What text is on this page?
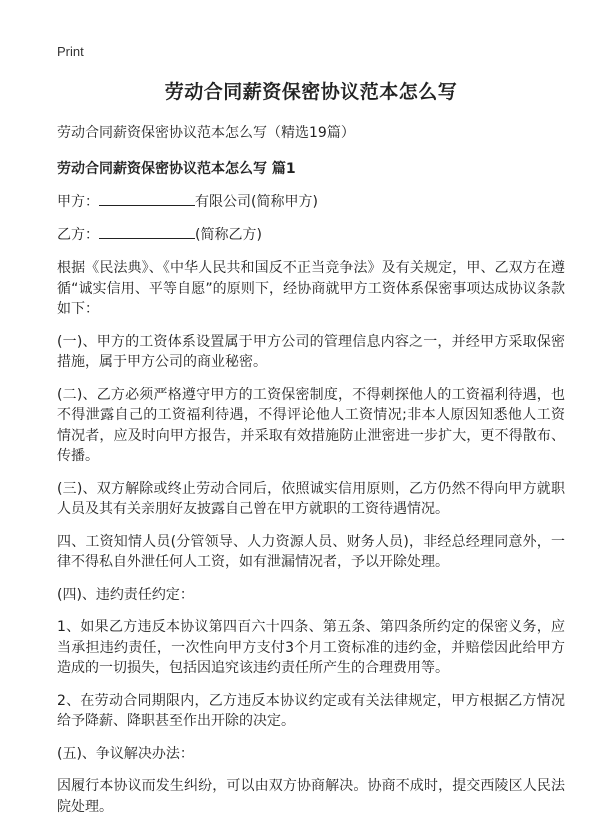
Print
劳动合同薪资保密协议范本怎么写
劳动合同薪资保密协议范本怎么写（精选19篇）
劳动合同薪资保密协议范本怎么写 篇1

甲方：	有限公司(简称甲方)

乙方：	(简称乙方)

根据《民法典》、《中华人民共和国反不正当竞争法》及有关规定，甲、乙双方在遵循“诚实信用、平等自愿”的原则下，经协商就甲方工资体系保密事项达成协议条款如下：

(一)、甲方的工资体系设置属于甲方公司的管理信息内容之一，并经甲方采取保密措施，属于甲方公司的商业秘密。

(二)、乙方必须严格遵守甲方的工资保密制度，不得刺探他人的工资福利待遇，也不得泄露自己的工资福利待遇，不得评论他人工资情况;非本人原因知悉他人工资情况者，应及时向甲方报告，并采取有效措施防止泄密进一步扩大，更不得散布、传播。

(三)、双方解除或终止劳动合同后，依照诚实信用原则，乙方仍然不得向甲方就职人员及其有关亲朋好友披露自己曾在甲方就职的工资待遇情况。

四、工资知情人员(分管领导、人力资源人员、财务人员)，非经总经理同意外，一律不得私自外泄任何人工资，如有泄漏情况者，予以开除处理。

(四)、违约责任约定：

1、如果乙方违反本协议第四百六十四条、第五条、第四条所约定的保密义务，应当承担违约责任，一次性向甲方支付3个月工资标准的违约金，并赔偿因此给甲方造成的一切损失，包括因追究该违约责任所产生的合理费用等。

2、在劳动合同期限内，乙方违反本协议约定或有关法律规定，甲方根据乙方情况给予降薪、降职甚至作出开除的决定。

(五)、争议解决办法：

因履行本协议而发生纠纷，可以由双方协商解决。协商不成时，提交西陵区人民法院处理。
